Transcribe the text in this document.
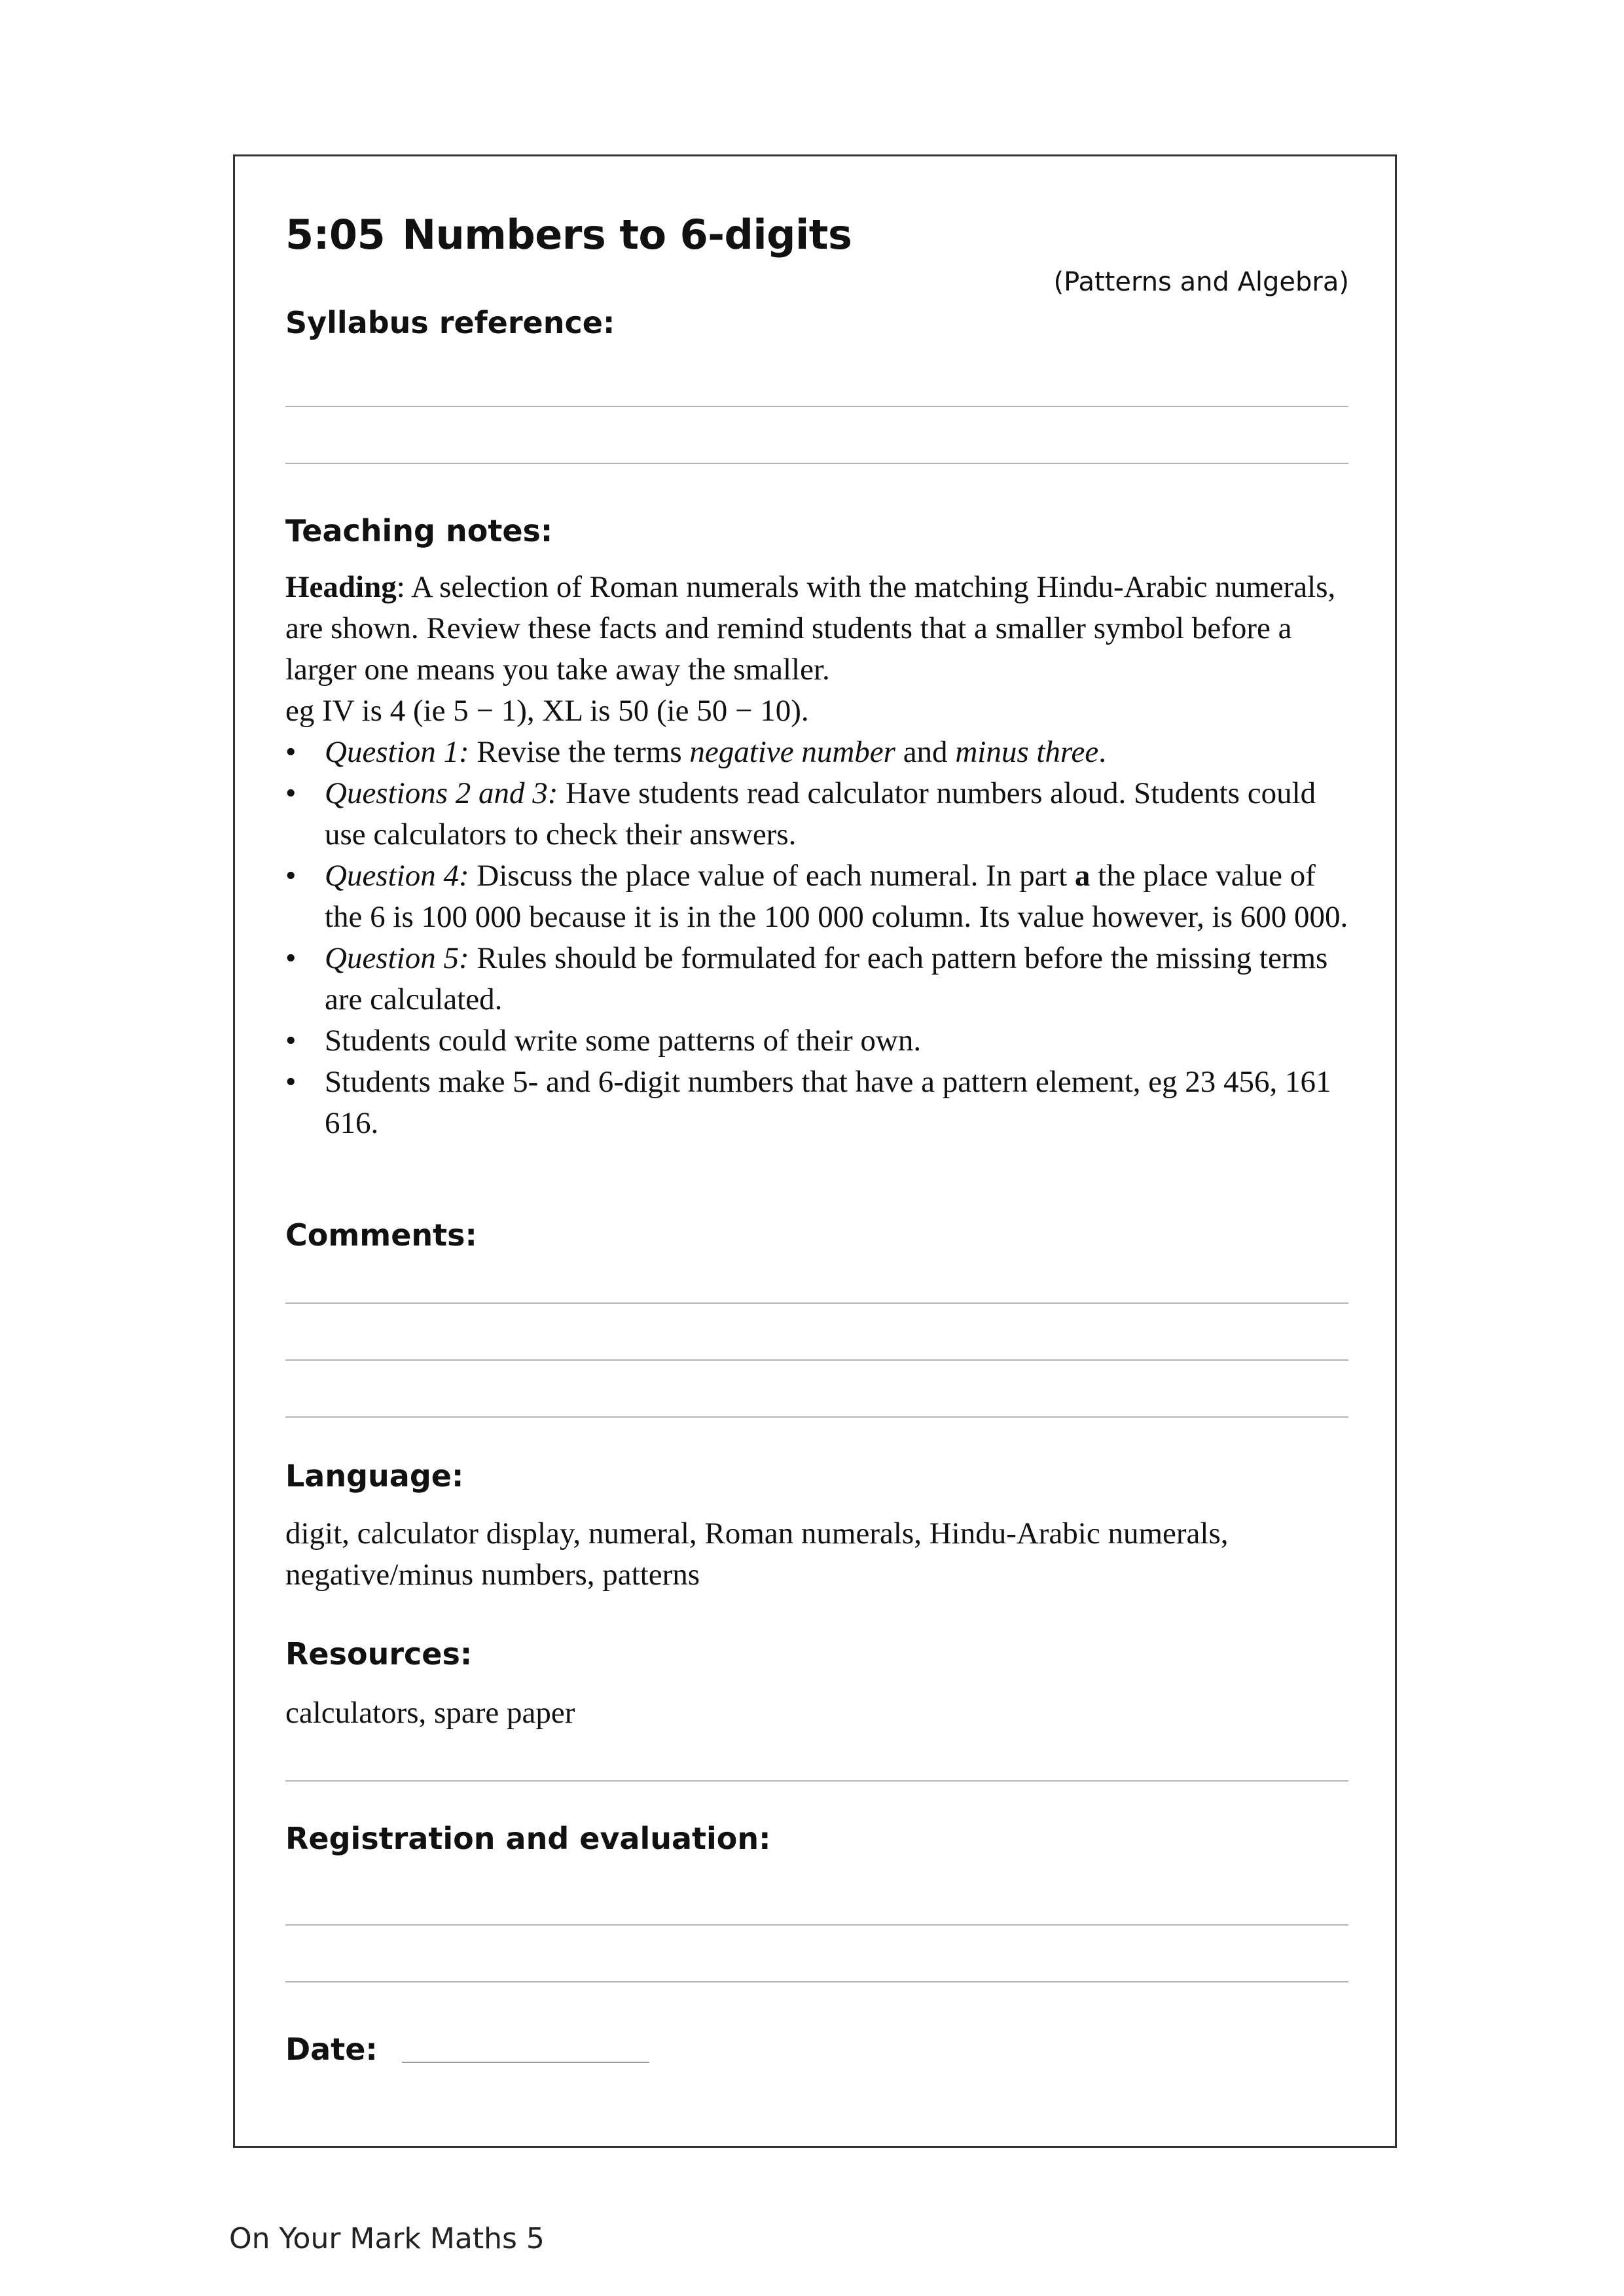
5:05 Numbers to 6-digits
(Patterns and Algebra)
Syllabus reference:
Teaching notes:

Heading: A selection of Roman numerals with the matching Hindu-Arabic numerals, are shown. Review these facts and remind students that a smaller symbol before a larger one means you take away the smaller.

eg IV is 4 (ie 5 − 1), XL is 50 (ie 50 − 10).

• Question 1: Revise the terms negative number and minus three.
• Questions 2 and 3: Have students read calculator numbers aloud. Students could use calculators to check their answers.
• Question 4: Discuss the place value of each numeral. In part a the place value of the 6 is 100 000 because it is in the 100 000 column. Its value however, is 600 000.
• Question 5: Rules should be formulated for each pattern before the missing terms are calculated.
• Students could write some patterns of their own.
• Students make 5- and 6-digit numbers that have a pattern element, eg 23 456, 161 616.
Comments:
Language:
digit, calculator display, numeral, Roman numerals, Hindu-Arabic numerals, negative/minus numbers, patterns
Resources:
calculators, spare paper
Registration and evaluation:
Date:
On Your Mark Maths 5
